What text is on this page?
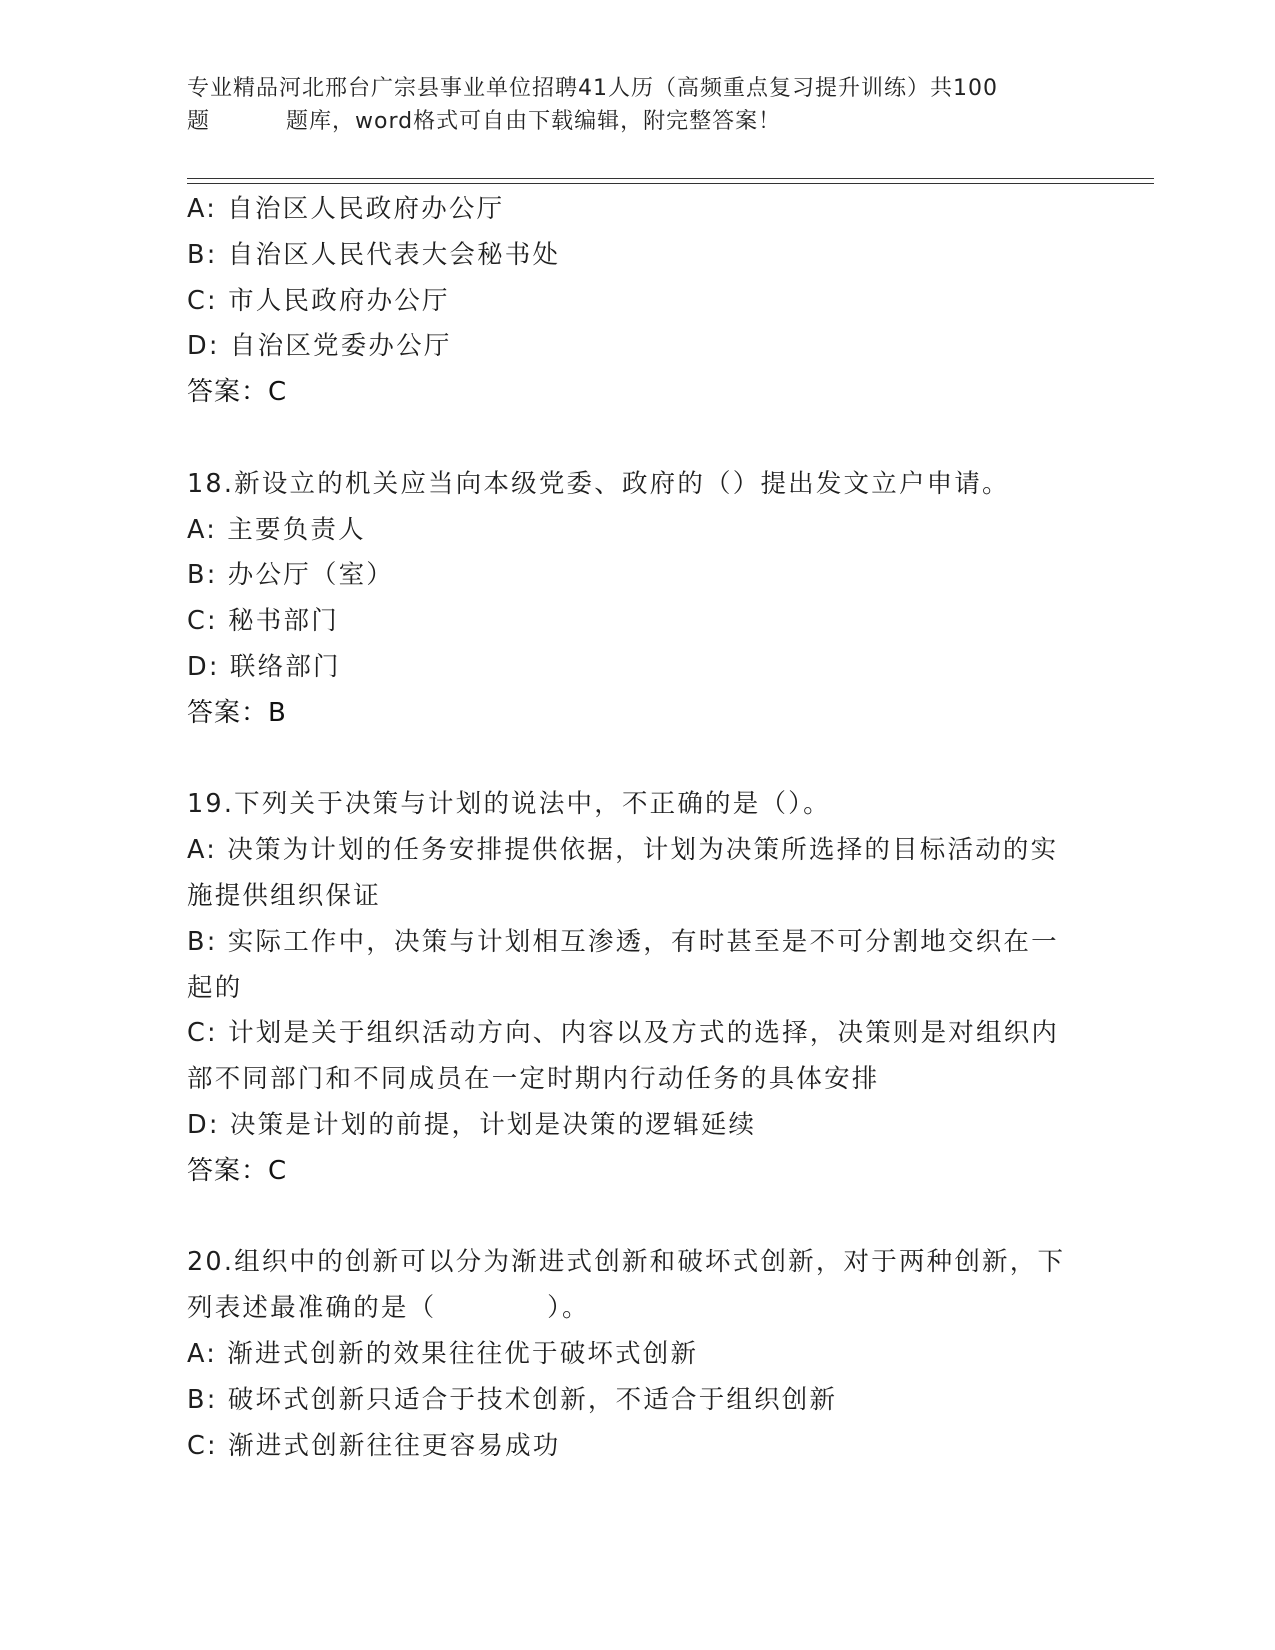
专业精品河北邢台广宗县事业单位招聘41人历（高频重点复习提升训练）共100
题	题库，word格式可自由下载编辑，附完整答案！
A: 自治区人民政府办公厅
B: 自治区人民代表大会秘书处
C: 市人民政府办公厅
D: 自治区党委办公厅
答案：C
18.新设立的机关应当向本级党委、政府的（）提出发文立户申请。
A: 主要负责人
B: 办公厅（室）
C: 秘书部门
D: 联络部门
答案：B
19.下列关于决策与计划的说法中，不正确的是（）。
A: 决策为计划的任务安排提供依据，计划为决策所选择的目标活动的实施提供组织保证
B: 实际工作中，决策与计划相互渗透，有时甚至是不可分割地交织在一起的
C: 计划是关于组织活动方向、内容以及方式的选择，决策则是对组织内部不同部门和不同成员在一定时期内行动任务的具体安排
D: 决策是计划的前提，计划是决策的逻辑延续
答案：C
20.组织中的创新可以分为渐进式创新和破坏式创新，对于两种创新，下列表述最准确的是（　　　　）。
A: 渐进式创新的效果往往优于破坏式创新
B: 破坏式创新只适合于技术创新，不适合于组织创新
C: 渐进式创新往往更容易成功
